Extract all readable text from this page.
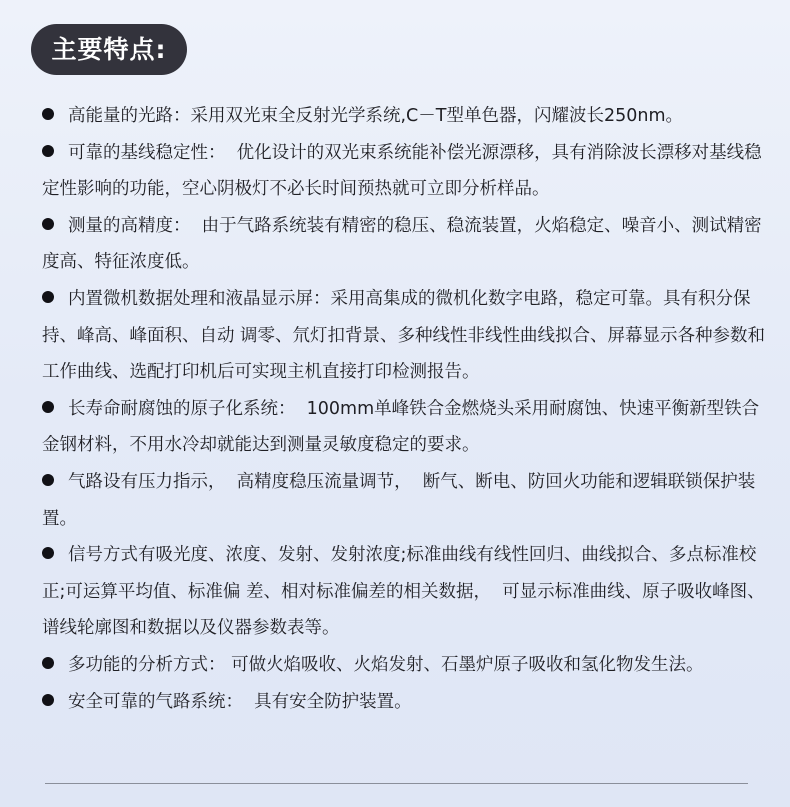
主要特点:
高能量的光路：采用双光束全反射光学系统,C－T型单色器，闪耀波长250nm。
可靠的基线稳定性：  优化设计的双光束系统能补偿光源漂移，具有消除波长漂移对基线稳定性影响的功能，空心阴极灯不必长时间预热就可立即分析样品。
测量的高精度：  由于气路系统装有精密的稳压、稳流装置，火焰稳定、噪音小、测试精密度高、特征浓度低。
内置微机数据处理和液晶显示屏：采用高集成的微机化数字电路，稳定可靠。具有积分保持、峰高、峰面积、自动 调零、氘灯扣背景、多种线性非线性曲线拟合、屏幕显示各种参数和工作曲线、选配打印机后可实现主机直接打印检测报告。
长寿命耐腐蚀的原子化系统：  100mm单峰铁合金燃烧头采用耐腐蚀、快速平衡新型铁合金钢材料，不用水冷却就能达到测量灵敏度稳定的要求。
气路设有压力指示，  高精度稳压流量调节，  断气、断电、防回火功能和逻辑联锁保护装置。
信号方式有吸光度、浓度、发射、发射浓度;标准曲线有线性回归、曲线拟合、多点标准校正;可运算平均值、标准偏 差、相对标准偏差的相关数据，  可显示标准曲线、原子吸收峰图、谱线轮廓图和数据以及仪器参数表等。
多功能的分析方式： 可做火焰吸收、火焰发射、石墨炉原子吸收和氢化物发生法。
安全可靠的气路系统：  具有安全防护装置。
